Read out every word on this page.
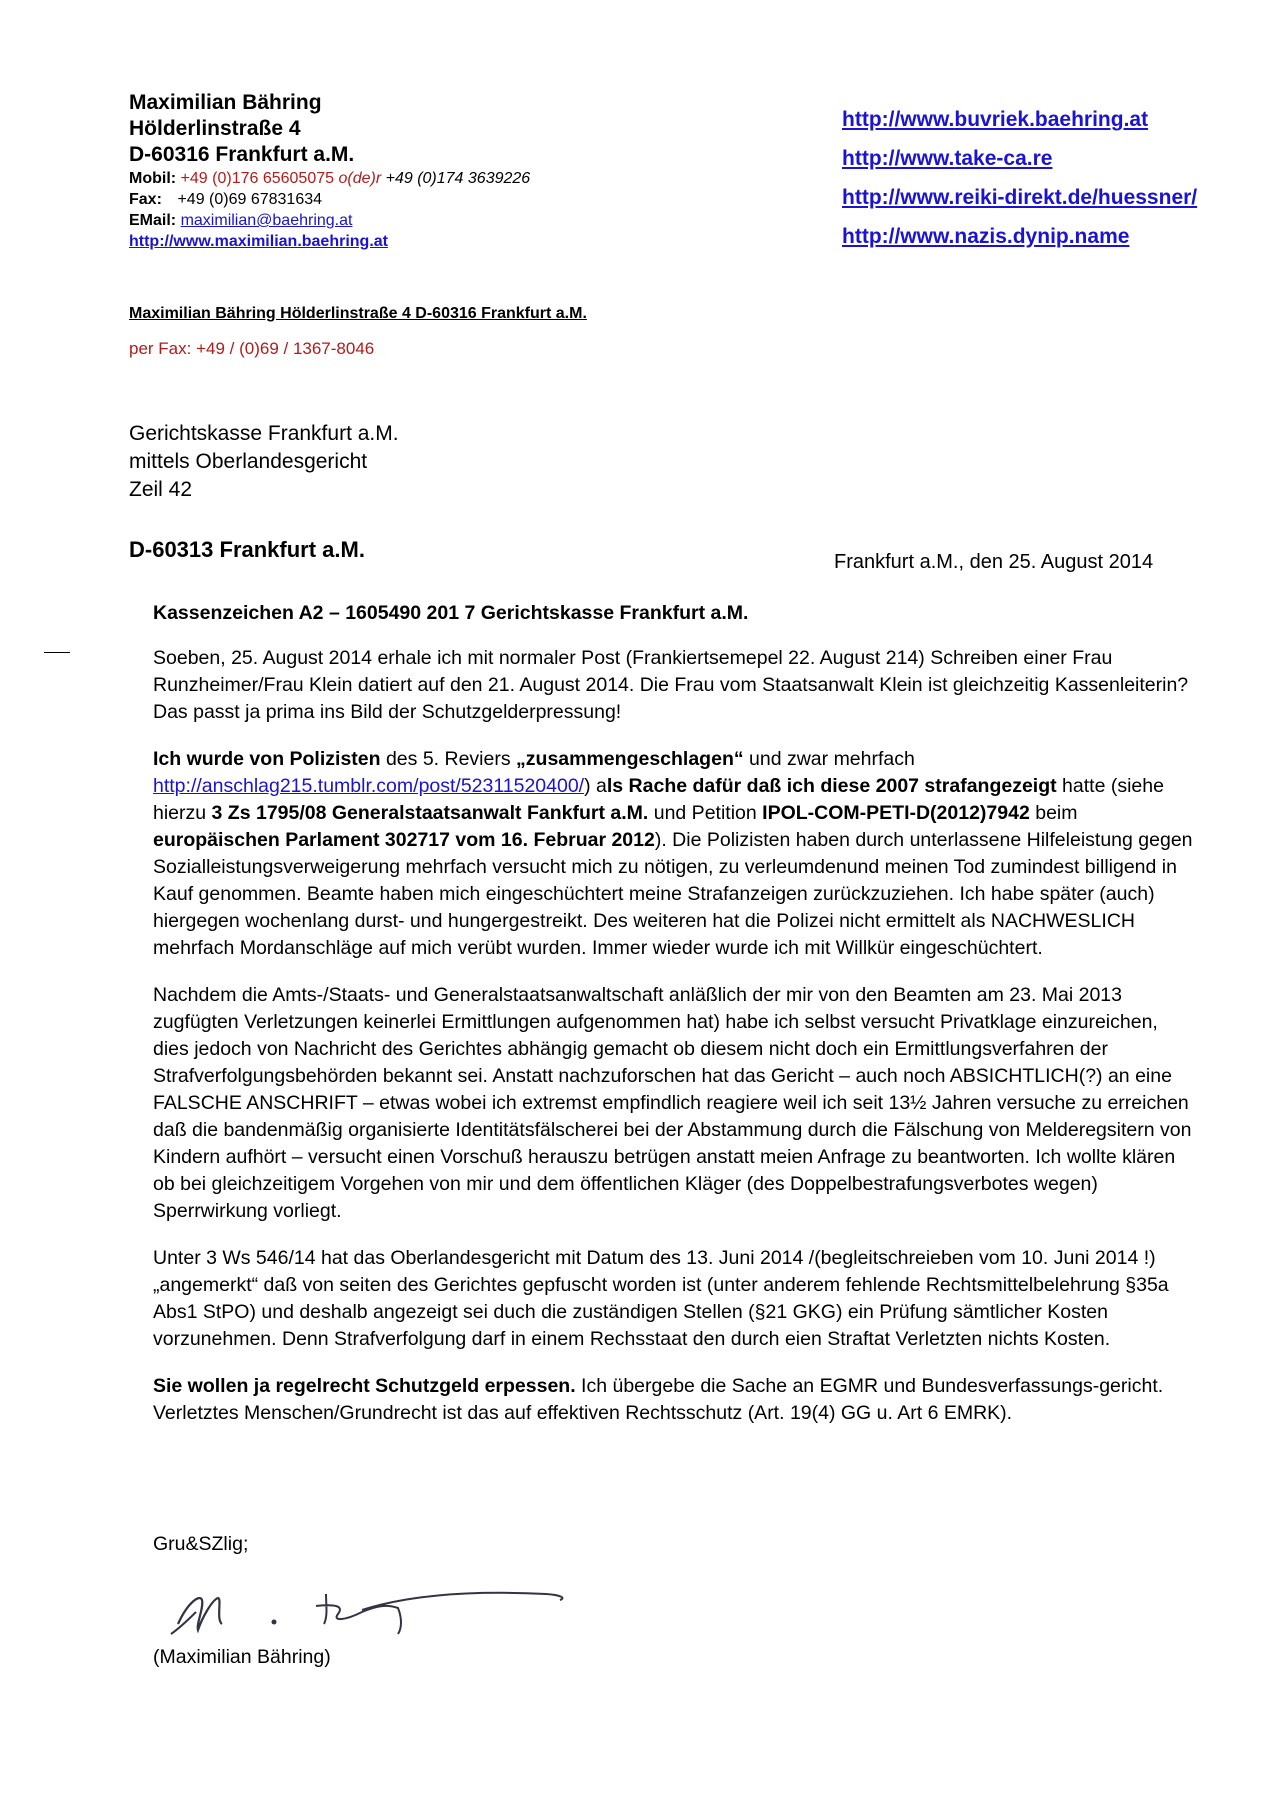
Maximilian Bähring
Hölderlinstraße 4
D-60316 Frankfurt a.M.
Mobil: +49 (0)176 65605075 o(de)r +49 (0)174 3639226
Fax: +49 (0)69 67831634
EMail: maximilian@baehring.at
http://www.maximilian.baehring.at
http://www.buvriek.baehring.at
http://www.take-ca.re
http://www.reiki-direkt.de/huessner/
http://www.nazis.dynip.name
Maximilian Bähring Hölderlinstraße 4 D-60316 Frankfurt a.M.
per Fax: +49 / (0)69 / 1367-8046
Gerichtskasse Frankfurt a.M.
mittels Oberlandesgericht
Zeil 42
D-60313 Frankfurt a.M.	Frankfurt a.M., den 25. August 2014

Kassenzeichen A2 – 1605490 201 7 Gerichtskasse Frankfurt a.M.

Soeben, 25. August 2014 erhale ich mit normaler Post (Frankiertsemepel 22. August 214) Schreiben einer Frau Runzheimer/Frau Klein datiert auf den 21. August 2014. Die Frau vom Staatsanwalt Klein ist gleichzeitig Kassenleiterin? Das passt ja prima ins Bild der Schutzgelderpressung!

Ich wurde von Polizisten des 5. Reviers „zusammengeschlagen“ und zwar mehrfach http://anschlag215.tumblr.com/post/52311520400/) als Rache dafür daß ich diese 2007 strafangezeigt hatte (siehe hierzu 3 Zs 1795/08 Generalstaatsanwalt Fankfurt a.M. und Petition IPOL-COM-PETI-D(2012)7942 beim europäischen Parlament 302717 vom 16. Februar 2012). Die Polizisten haben durch unterlassene Hilfeleistung gegen Sozialleistungsverweigerung mehrfach versucht mich zu nötigen, zu verleumdenund meinen Tod zumindest billigend in Kauf genommen. Beamte haben mich eingeschüchtert meine Strafanzeigen zurückzuziehen. Ich habe später (auch) hiergegen wochenlang durst- und hungergestreikt. Des weiteren hat die Polizei nicht ermittelt als NACHWESLICH mehrfach Mordanschläge auf mich verübt wurden. Immer wieder wurde ich mit Willkür eingeschüchtert.

Nachdem die Amts-/Staats- und Generalstaatsanwaltschaft anläßlich der mir von den Beamten am 23. Mai 2013 zugfügten Verletzungen keinerlei Ermittlungen aufgenommen hat) habe ich selbst versucht Privatklage einzureichen, dies jedoch von Nachricht des Gerichtes abhängig gemacht ob diesem nicht doch ein Ermittlungsverfahren der Strafverfolgungsbehörden bekannt sei. Anstatt nachzuforschen hat das Gericht – auch noch ABSICHTLICH(?) an eine FALSCHE ANSCHRIFT – etwas wobei ich extremst empfindlich reagiere weil ich seit 13½ Jahren versuche zu erreichen daß die bandenmäßig organisierte Identitätsfälscherei bei der Abstammung durch die Fälschung von Melderegsitern von Kindern aufhört – versucht einen Vorschuß herauszu betrügen anstatt meien Anfrage zu beantworten. Ich wollte klären ob bei gleichzeitigem Vorgehen von mir und dem öffentlichen Kläger (des Doppelbestrafungsverbotes wegen) Sperrwirkung vorliegt.

Unter 3 Ws 546/14 hat das Oberlandesgericht mit Datum des 13. Juni 2014 /(begleitschreieben vom 10. Juni 2014 !) „angemerkt“ daß von seiten des Gerichtes gepfuscht worden ist (unter anderem fehlende Rechtsmittelbelehrung §35a Abs1 StPO) und deshalb angezeigt sei duch die zuständigen Stellen (§21 GKG) ein Prüfung sämtlicher Kosten vorzunehmen. Denn Strafverfolgung darf in einem Rechsstaat den durch eien Straftat Verletzten nichts Kosten.

Sie wollen ja regelrecht Schutzgeld erpessen. Ich übergebe die Sache an EGMR und Bundesverfassungs-gericht. Verletztes Menschen/Grundrecht ist das auf effektiven Rechtsschutz (Art. 19(4) GG u. Art 6 EMRK).

Gru&SZlig;
(Maximilian Bähring)
